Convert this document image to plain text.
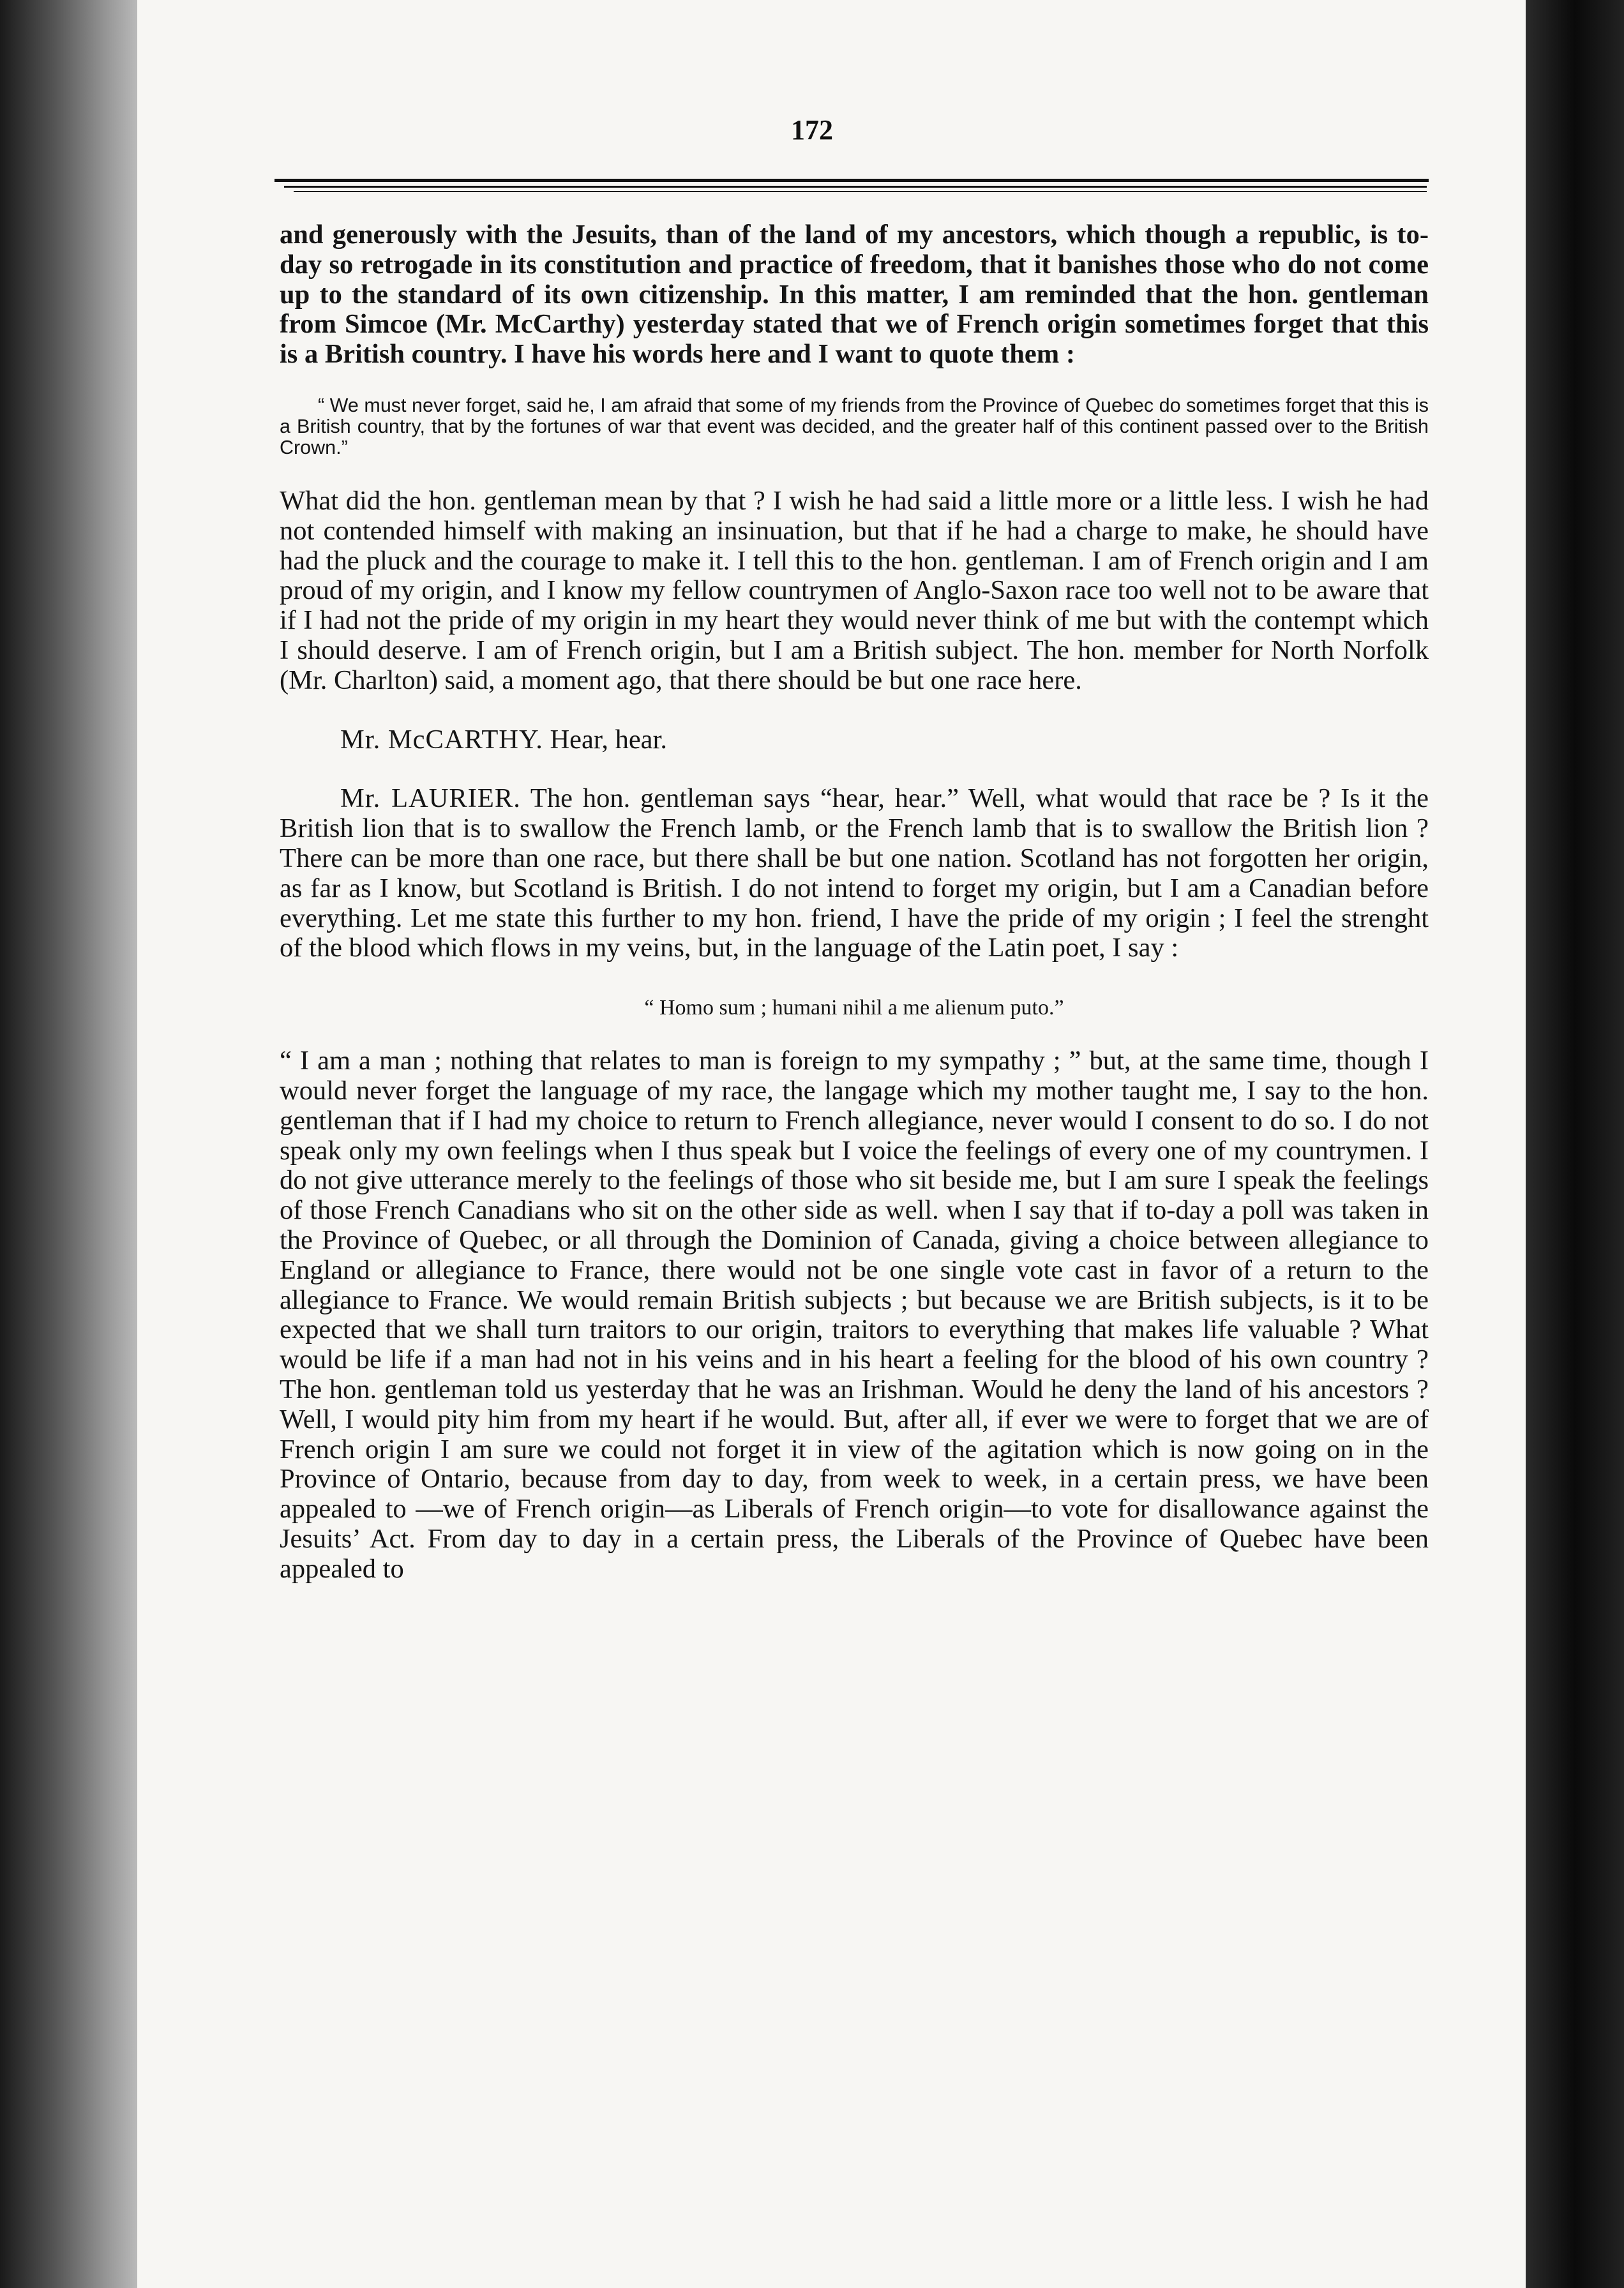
172

and generously with the Jesuits, than of the land of my ancestors, which though a republic, is to-day so retrogade in its constitution and practice of freedom, that it banishes those who do not come up to the standard of its own citizenship. In this matter, I am reminded that the hon. gentleman from Simcoe (Mr. McCarthy) yesterday stated that we of French origin sometimes forget that this is a British country. I have his words here and I want to quote them :

“ We must never forget, said he, I am afraid that some of my friends from the Province of Quebec do sometimes forget that this is a British country, that by the fortunes of war that event was decided, and the greater half of this continent passed over to the British Crown.”

What did the hon. gentleman mean by that ? I wish he had said a little more or a little less. I wish he had not contended himself with making an insinuation, but that if he had a charge to make, he should have had the pluck and the courage to make it. I tell this to the hon. gentleman. I am of French origin and I am proud of my origin, and I know my fellow countrymen of Anglo-Saxon race too well not to be aware that if I had not the pride of my origin in my heart they would never think of me but with the contempt which I should deserve. I am of French origin, but I am a British subject. The hon. member for North Norfolk (Mr. Charlton) said, a moment ago, that there should be but one race here.

Mr. McCARTHY. Hear, hear.

Mr. LAURIER. The hon. gentleman says “hear, hear.” Well, what would that race be ? Is it the British lion that is to swallow the French lamb, or the French lamb that is to swallow the British lion ? There can be more than one race, but there shall be but one nation. Scotland has not forgotten her origin, as far as I know, but Scotland is British. I do not intend to forget my origin, but I am a Canadian before everything. Let me state this further to my hon. friend, I have the pride of my origin ; I feel the strenght of the blood which flows in my veins, but, in the language of the Latin poet, I say :

“ Homo sum ; humani nihil a me alienum puto.”

“ I am a man ; nothing that relates to man is foreign to my sympathy ; ” but, at the same time, though I would never forget the language of my race, the langage which my mother taught me, I say to the hon. gentleman that if I had my choice to return to French allegiance, never would I consent to do so. I do not speak only my own feelings when I thus speak but I voice the feelings of every one of my countrymen. I do not give utterance merely to the feelings of those who sit beside me, but I am sure I speak the feelings of those French Canadians who sit on the other side as well. when I say that if to-day a poll was taken in the Province of Quebec, or all through the Dominion of Canada, giving a choice between allegiance to England or allegiance to France, there would not be one single vote cast in favor of a return to the allegiance to France. We would remain British subjects ; but because we are British subjects, is it to be expected that we shall turn traitors to our origin, traitors to everything that makes life valuable ? What would be life if a man had not in his veins and in his heart a feeling for the blood of his own country ? The hon. gentleman told us yesterday that he was an Irishman. Would he deny the land of his ancestors ? Well, I would pity him from my heart if he would. But, after all, if ever we were to forget that we are of French origin I am sure we could not forget it in view of the agitation which is now going on in the Province of Ontario, because from day to day, from week to week, in a certain press, we have been appealed to —we of French origin—as Liberals of French origin—to vote for disallowance against the Jesuits’ Act. From day to day in a certain press, the Liberals of the Province of Quebec have been appealed to
